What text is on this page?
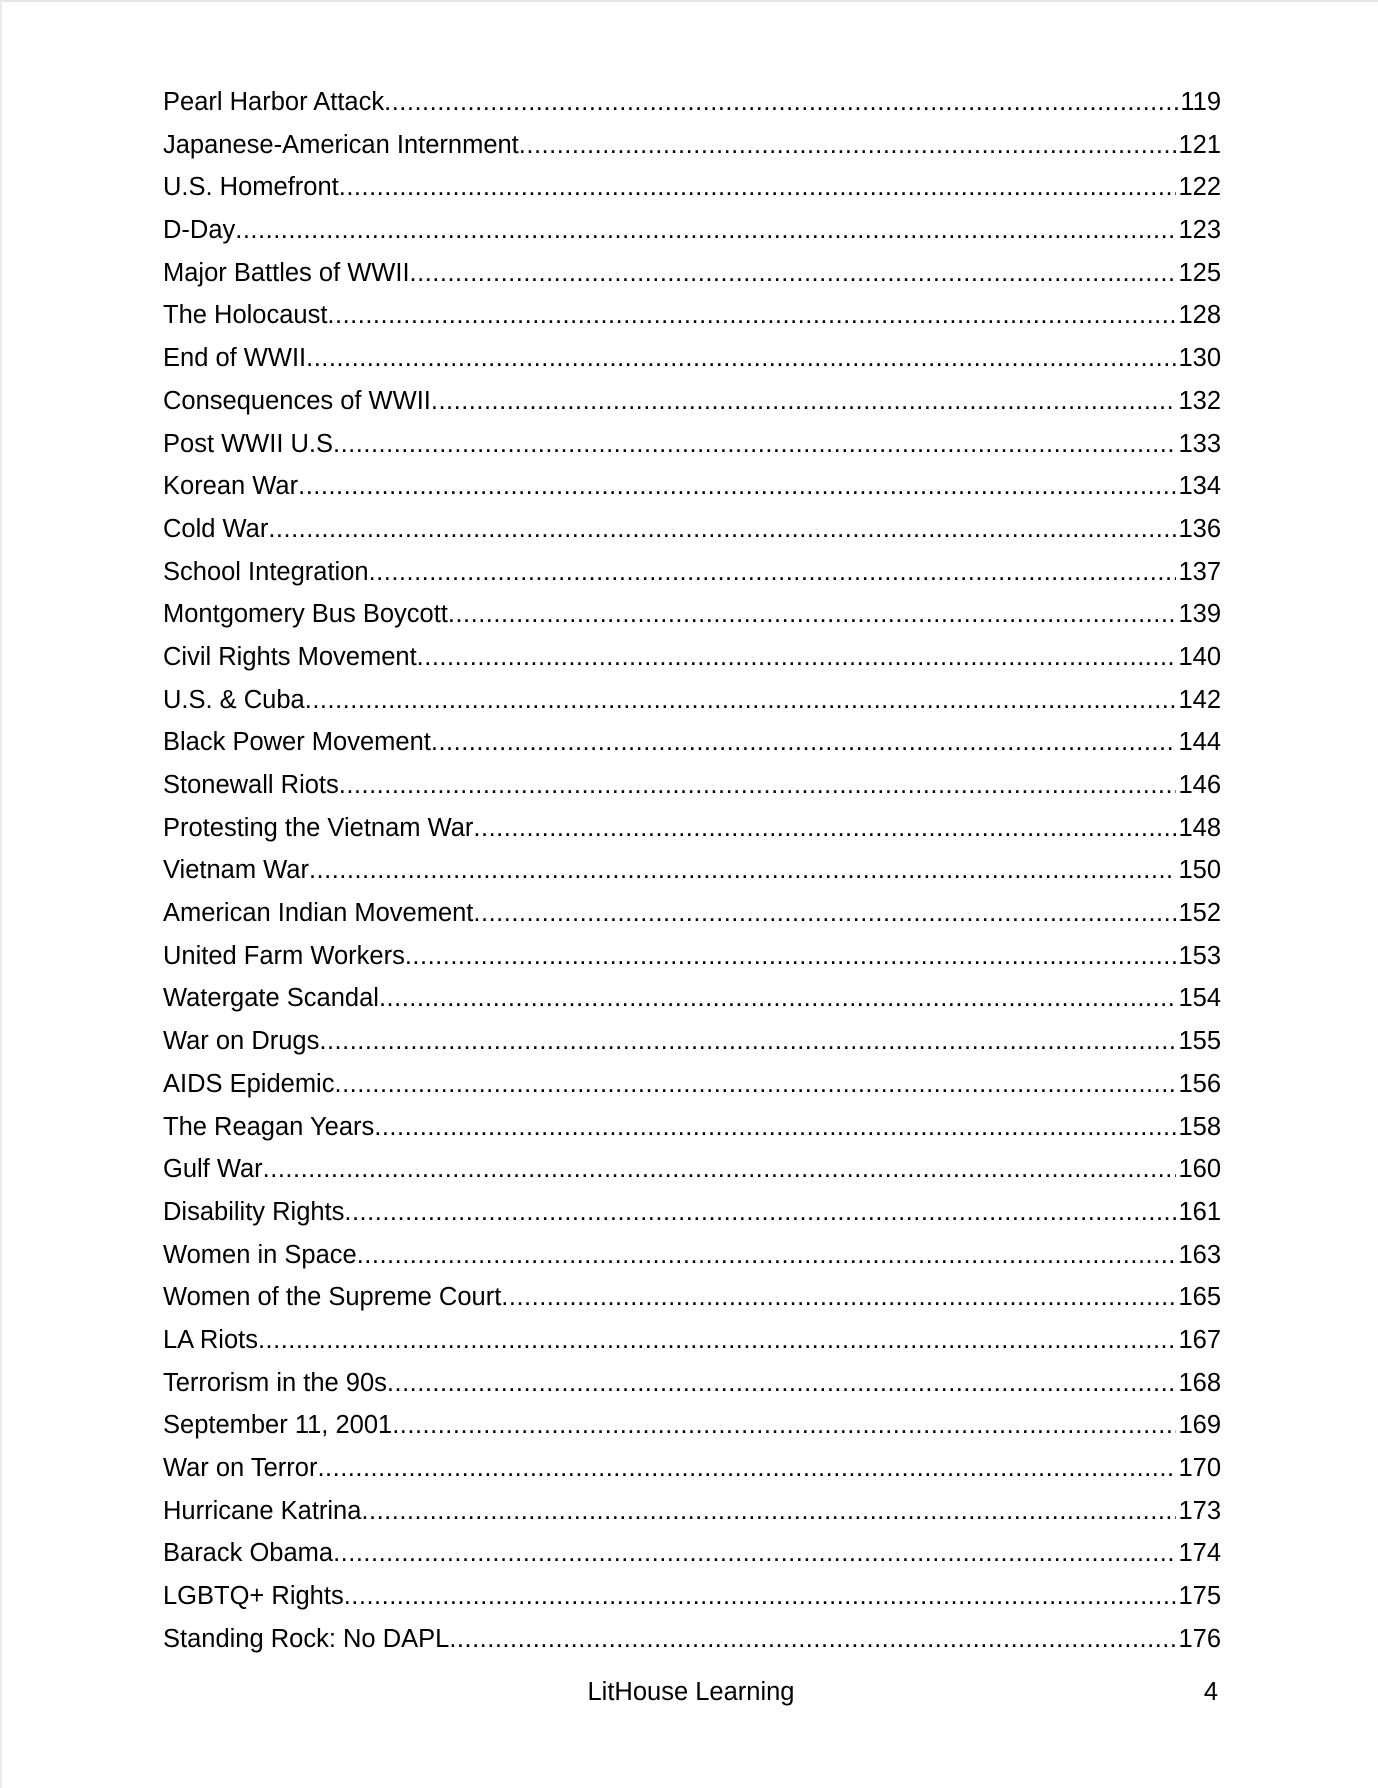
Pearl Harbor Attack .....	119
Japanese-American Internment .....	121
U.S. Homefront .....	122
D-Day .....	123
Major Battles of WWII .....	125
The Holocaust .....	128
End of WWII .....	130
Consequences of WWII .....	132
Post WWII U.S .....	133
Korean War .....	134
Cold War .....	136
School Integration .....	137
Montgomery Bus Boycott .....	139
Civil Rights Movement .....	140
U.S. & Cuba .....	142
Black Power Movement .....	144
Stonewall Riots .....	146
Protesting the Vietnam War .....	148
Vietnam War .....	150
American Indian Movement .....	152
United Farm Workers .....	153
Watergate Scandal .....	154
War on Drugs .....	155
AIDS Epidemic .....	156
The Reagan Years .....	158
Gulf War .....	160
Disability Rights .....	161
Women in Space .....	163
Women of the Supreme Court .....	165
LA Riots .....	167
Terrorism in the 90s .....	168
September 11, 2001 .....	169
War on Terror .....	170
Hurricane Katrina .....	173
Barack Obama .....	174
LGBTQ+ Rights .....	175
Standing Rock: No DAPL .....	176
LitHouse Learning	4
